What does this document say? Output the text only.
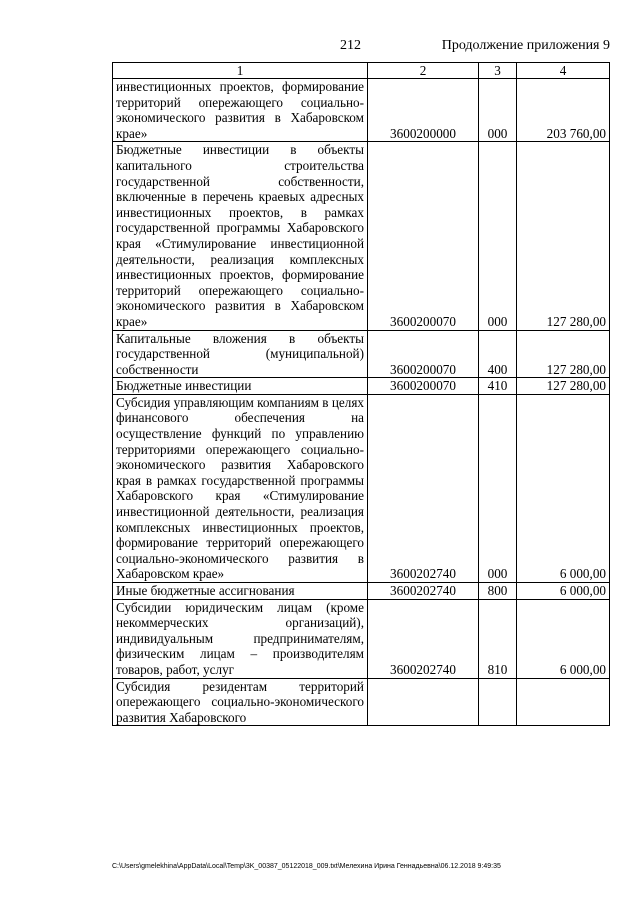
212	Продолжение приложения 9
1	2	3	4
инвестиционных проектов, формирование территорий опережающего социально-экономического развития в Хабаровском крае»	3600200000	000	203 760,00
Бюджетные инвестиции в объекты капитального строительства государственной собственности, включенные в перечень краевых адресных инвестиционных проектов, в рамках государственной программы Хабаровского края «Стимулирование инвестиционной деятельности, реализация комплексных инвестиционных проектов, формирование территорий опережающего социально-экономического развития в Хабаровском крае»	3600200070	000	127 280,00
Капитальные вложения в объекты государственной (муниципальной) собственности	3600200070	400	127 280,00
Бюджетные инвестиции	3600200070	410	127 280,00
Субсидия управляющим компаниям в целях финансового обеспечения на осуществление функций по управлению территориями опережающего социально-экономического развития Хабаровского края в рамках государственной программы Хабаровского края «Стимулирование инвестиционной деятельности, реализация комплексных инвестиционных проектов, формирование территорий опережающего социально-экономического развития в Хабаровском крае»	3600202740	000	6 000,00
Иные бюджетные ассигнования	3600202740	800	6 000,00
Субсидии юридическим лицам (кроме некоммерческих организаций), индивидуальным предпринимателям, физическим лицам – производителям товаров, работ, услуг	3600202740	810	6 000,00
Субсидия резидентам территорий опережающего социально-экономического развития Хабаровского			
C:\Users\gmelekhina\AppData\Local\Temp\3K_00387_05122018_009.txt\Мелехина Ирина Геннадьевна\06.12.2018 9:49:35
